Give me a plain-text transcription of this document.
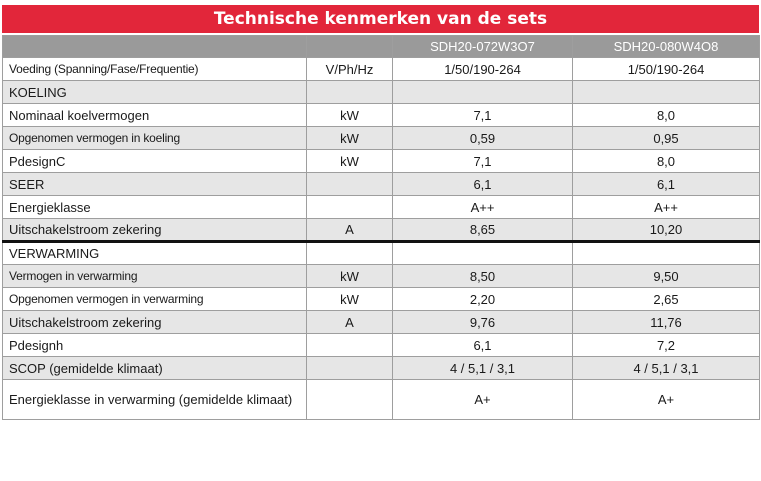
Technische kenmerken van de sets
		SDH20-072W3O7	SDH20-080W4O8
Voeding (Spanning/Fase/Frequentie)	V/Ph/Hz	1/50/190-264	1/50/190-264
KOELING			
Nominaal koelvermogen	kW	7,1	8,0
Opgenomen vermogen in koeling	kW	0,59	0,95
PdesignC	kW	7,1	8,0
SEER		6,1	6,1
Energieklasse		A++	A++
Uitschakelstroom zekering	A	8,65	10,20
VERWARMING			
Vermogen in verwarming	kW	8,50	9,50
Opgenomen vermogen in verwarming	kW	2,20	2,65
Uitschakelstroom zekering	A	9,76	11,76
Pdesignh		6,1	7,2
SCOP (gemidelde klimaat)		4 / 5,1 / 3,1	4 / 5,1 / 3,1
Energieklasse in verwarming (gemidelde klimaat)		A+	A+
